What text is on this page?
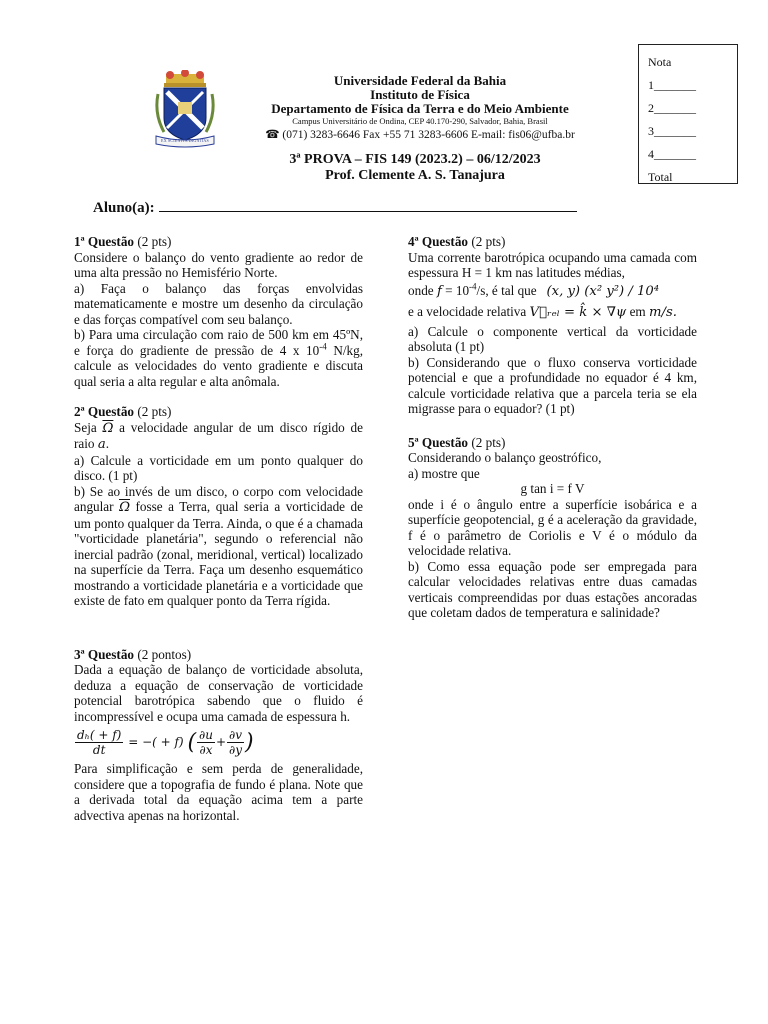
EX SCIENTIA DIGNITAS
Universidade Federal da Bahia
Instituto de Física
Departamento de Física da Terra e do Meio Ambiente
Campus Universitário de Ondina, CEP 40.170-290, Salvador, Bahia, Brasil
☎ (071) 3283-6646 Fax +55 71 3283-6606 E-mail: fis06@ufba.br
3ª PROVA – FIS 149 (2023.2) – 06/12/2023
Prof. Clemente A. S. Tanajura
Nota
1_______
2_______
3_______
4_______
Total
Aluno(a):

1ª Questão (2 pts)

Considere o balanço do vento gradiente ao redor de uma alta pressão no Hemisfério Norte.

a) Faça o balanço das forças envolvidas matematicamente e mostre um desenho da circulação e das forças compatível com seu balanço.

b) Para uma circulação com raio de 500 km em 45ºN, e força do gradiente de pressão de 4 x $10^{-4}$ N/kg, calcule as velocidades do vento gradiente e discuta qual seria a alta regular e alta anômala.

2ª Questão (2 pts)

Seja $\overline{\Omega}$ a velocidade angular de um disco rígido de raio a.

a) Calcule a vorticidade em um ponto qualquer do disco. (1 pt)

b) Se ao invés de um disco, o corpo com velocidade angular $\overline{\Omega}$ fosse a Terra, qual seria a vorticidade de um ponto qualquer da Terra. Ainda, o que é a chamada "vorticidade planetária", segundo o referencial não inercial padrão (zonal, meridional, vertical) localizado na superfície da Terra. Faça um desenho esquemático mostrando a vorticidade planetária e a vorticidade que existe de fato em qualquer ponto da Terra rígida.

3ª Questão (2 pontos)

Dada a equação de balanço de vorticidade absoluta, deduza a equação de conservação de vorticidade potencial barotrópica sabendo que o fluido é incompressível e ocupa uma camada de espessura h.

$\frac{\text{dₕ( + f)}}{dt}$ = −( + f) ( $\frac{\partial u}{\partial x} + \frac{\partial v}{\partial y}$ )

Para simplificação e sem perda de generalidade, considere que a topografia de fundo é plana. Note que a derivada total da equação acima tem a parte advectiva apenas na horizontal.

4ª Questão (2 pts)

Uma corrente barotrópica ocupando uma camada com espessura H = 1 km nas latitudes médias,

onde $f = 10^{-4}/s$, é tal que (x, y) (x² y²) / 10⁴

e a velocidade relativa V⃗ᵣₑₗ = k̂ × ∇ψ em m/s.

a) Calcule o componente vertical da vorticidade absoluta (1 pt)

b) Considerando que o fluxo conserva vorticidade potencial e que a profundidade no equador é 4 km, calcule vorticidade relativa que a parcela teria se ela migrasse para o equador? (1 pt)

5ª Questão (2 pts)

Considerando o balanço geostrófico,

a) mostre que

g tan i = f V

onde i é o ângulo entre a superfície isobárica e a superfície geopotencial, g é a aceleração da gravidade, f é o parâmetro de Coriolis e V é o módulo da velocidade relativa.

b) Como essa equação pode ser empregada para calcular velocidades relativas entre duas camadas verticais compreendidas por duas estações ancoradas que coletam dados de temperatura e salinidade?
